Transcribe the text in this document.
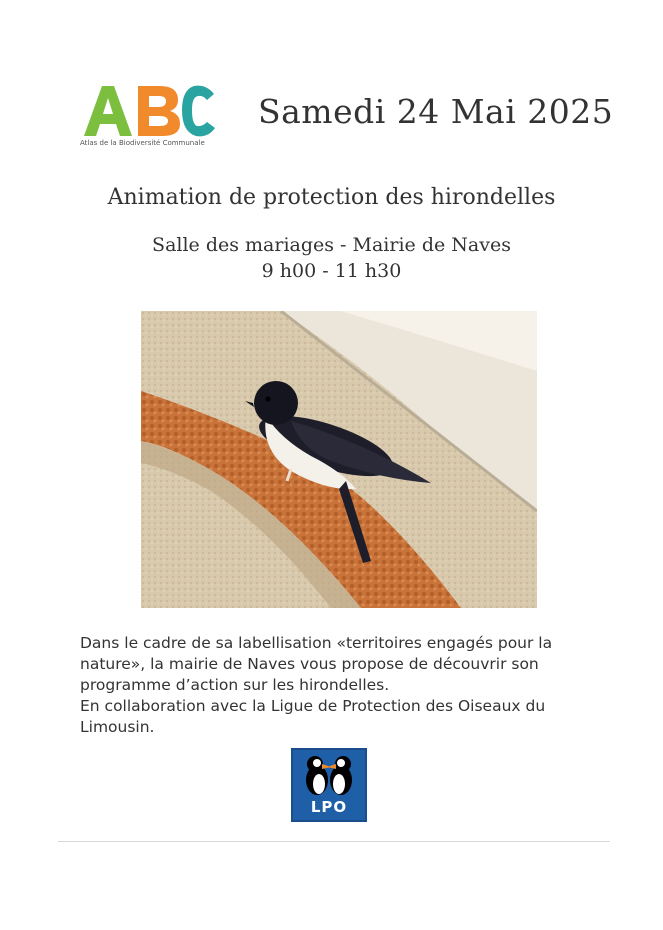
Atlas de la Biodiversité Communale
Samedi 24 Mai 2025
Animation de protection des hirondelles
Salle des mariages - Mairie de Naves
9 h00 - 11 h30

Dans le cadre de sa labellisation «territoires engagés pour la nature», la mairie de Naves vous propose de découvrir son programme d’action sur les hirondelles.

En collaboration avec la Ligue de Protection des Oiseaux du Limousin.

LPO
